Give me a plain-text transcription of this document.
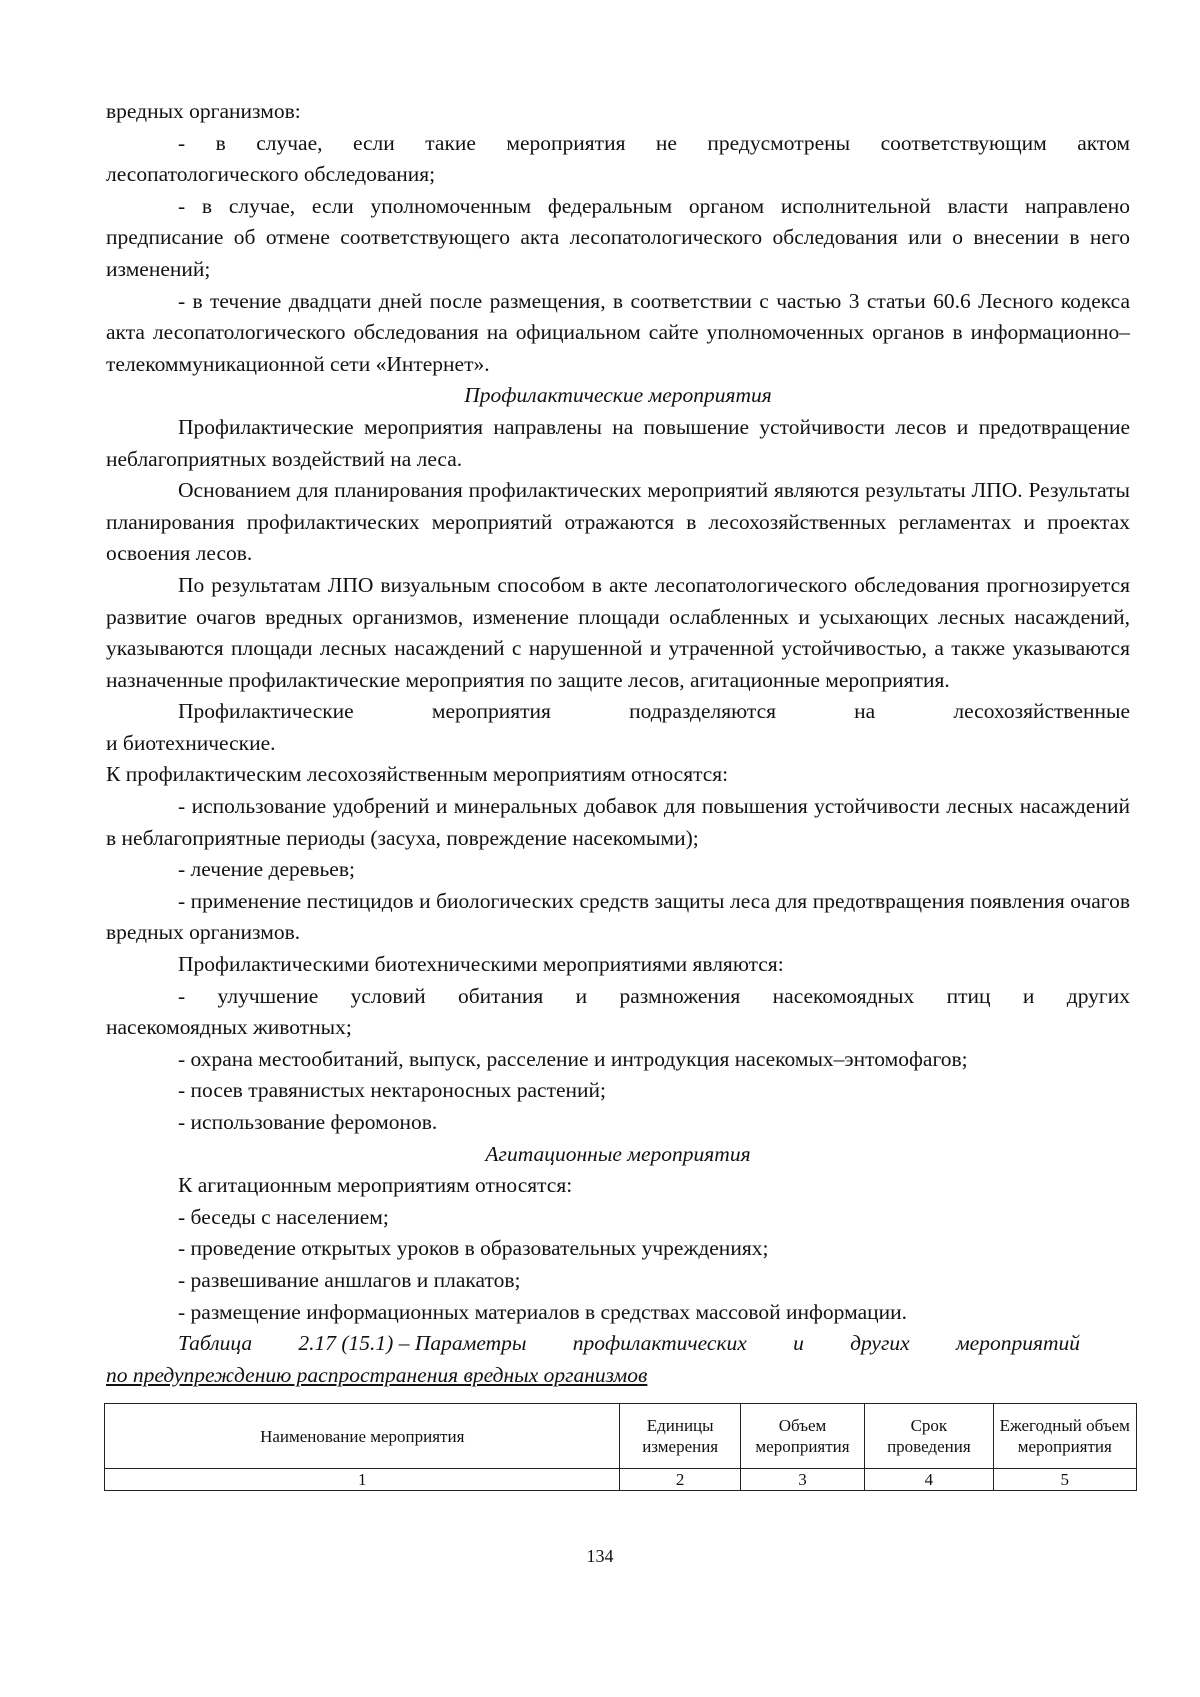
вредных организмов:

- в случае, если такие мероприятия не предусмотрены соответствующим актом

лесопатологического обследования;

- в случае, если уполномоченным федеральным органом исполнительной власти направлено предписание об отмене соответствующего акта лесопатологического обследования или о внесении в него изменений;

- в течение двадцати дней после размещения, в соответствии с частью 3 статьи 60.6 Лесного кодекса акта лесопатологического обследования на официальном сайте уполномоченных органов в информационно–телекоммуникационной сети «Интернет».

Профилактические мероприятия

Профилактические мероприятия направлены на повышение устойчивости лесов и предотвращение неблагоприятных воздействий на леса.

Основанием для планирования профилактических мероприятий являются результаты ЛПО. Результаты планирования профилактических мероприятий отражаются в лесохозяйственных регламентах и проектах освоения лесов.

По результатам ЛПО визуальным способом в акте лесопатологического обследования прогнозируется развитие очагов вредных организмов, изменение площади ослабленных и усыхающих лесных насаждений, указываются площади лесных насаждений с нарушенной и утраченной устойчивостью, а также указываются назначенные профилактические мероприятия по защите лесов, агитационные мероприятия.

Профилактические	мероприятия	подразделяются	на	лесохозяйственные

и биотехнические.

К профилактическим лесохозяйственным мероприятиям относятся:

- использование удобрений и минеральных добавок для повышения устойчивости лесных насаждений в неблагоприятные периоды (засуха, повреждение насекомыми);

- лечение деревьев;

- применение пестицидов и биологических средств защиты леса для предотвращения появления очагов вредных организмов.

Профилактическими биотехническими мероприятиями являются:

- улучшение условий обитания и размножения насекомоядных птиц и других

насекомоядных животных;

- охрана местообитаний, выпуск, расселение и интродукция насекомых–энтомофагов;

- посев травянистых нектароносных растений;

- использование феромонов.

Агитационные мероприятия

К агитационным мероприятиям относятся:

- беседы с населением;

- проведение открытых уроков в образовательных учреждениях;

- развешивание аншлагов и плакатов;

- размещение информационных материалов в средствах массовой информации.

Таблица 2.17 (15.1) – Параметры профилактических и других мероприятий

по предупреждению распространения вредных организмов

Наименование мероприятия	Единицы измерения	Объем мероприятия	Срок проведения	Ежегодный объем мероприятия
1	2	3	4	5
134
